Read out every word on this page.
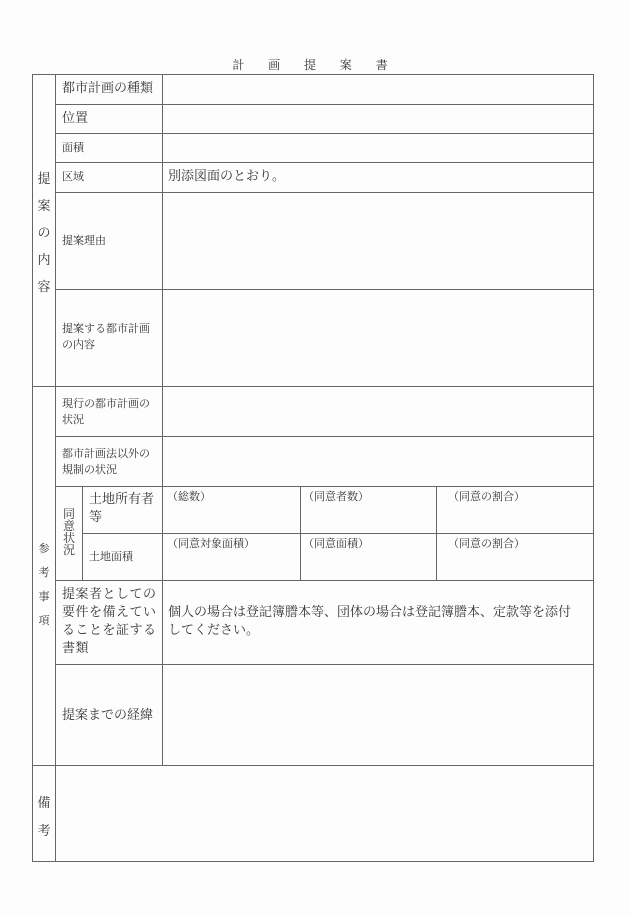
計 画 提 案 書
提
案
の
内
容
都市計画の種類
位置
面積
区域	別添図面のとおり。
提案理由
提案する都市計画
の内容
参
考
事
項
現行の都市計画の
状況
都市計画法以外の
規制の状況
同
意
状
況
土地所有者
等
（総数）	（同意者数）	（同意の割合）
土地面積
（同意対象面積）	（同意面積）	（同意の割合）
提案者としての
要件を備えてい
ることを証する
書類
個人の場合は登記簿謄本等、団体の場合は登記簿謄本、定款等を添付
してください。
提案までの経緯
備
考
